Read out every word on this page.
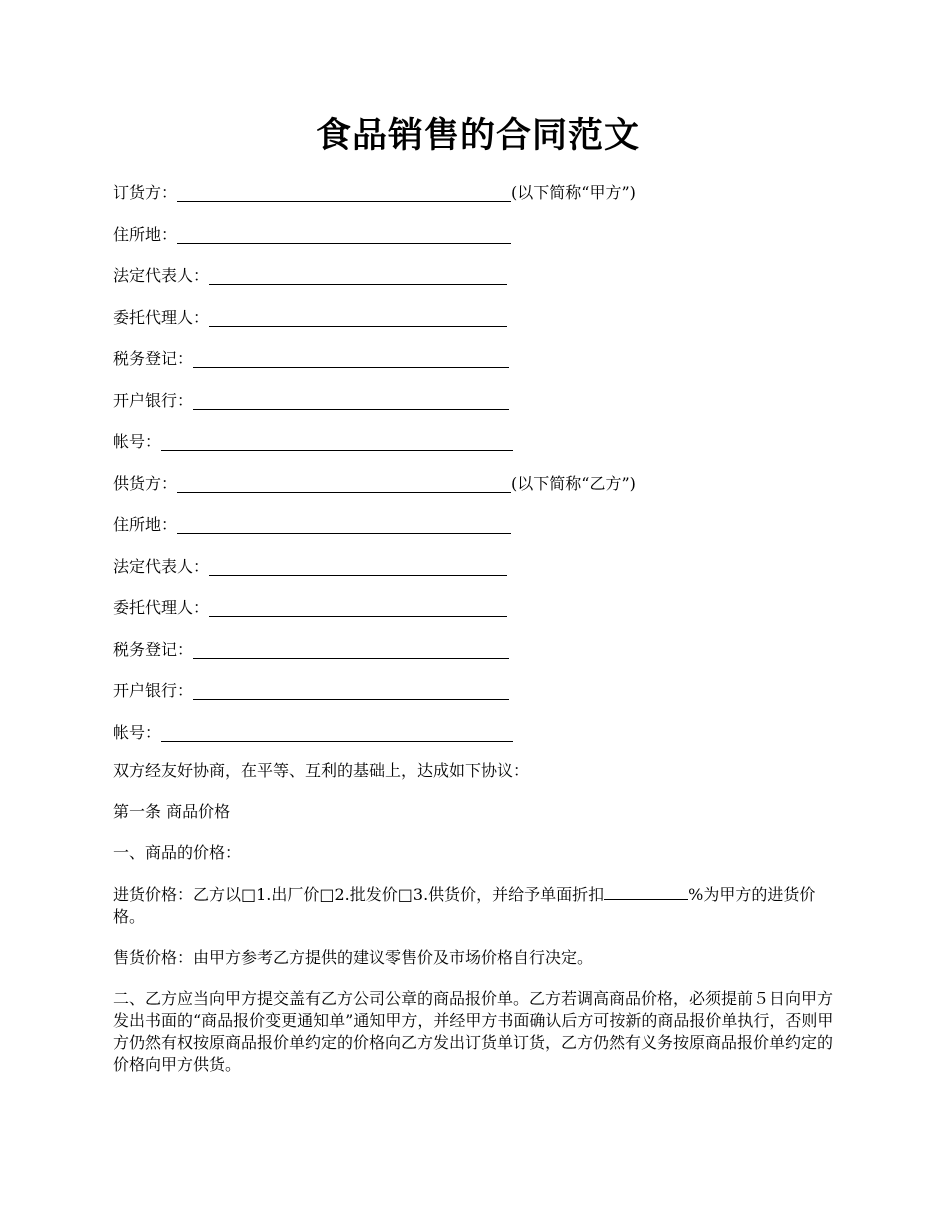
食品销售的合同范文
订货方：	(以下简称“甲方”)
住所地：
法定代表人：
委托代理人：
税务登记：
开户银行：
帐号：
供货方：	(以下简称“乙方”)
住所地：
法定代表人：
委托代理人：
税务登记：
开户银行：
帐号：

双方经友好协商，在平等、互利的基础上，达成如下协议：

第一条 商品价格

一、商品的价格：

进货价格：乙方以□1.出厂价□2.批发价□3.供货价，并给予单面折扣	%为甲方的进货价格。

售货价格：由甲方参考乙方提供的建议零售价及市场价格自行决定。

二、乙方应当向甲方提交盖有乙方公司公章的商品报价单。乙方若调高商品价格，必须提前５日向甲方发出书面的“商品报价变更通知单”通知甲方，并经甲方书面确认后方可按新的商品报价单执行，否则甲方仍然有权按原商品报价单约定的价格向乙方发出订货单订货，乙方仍然有义务按原商品报价单约定的价格向甲方供货。
